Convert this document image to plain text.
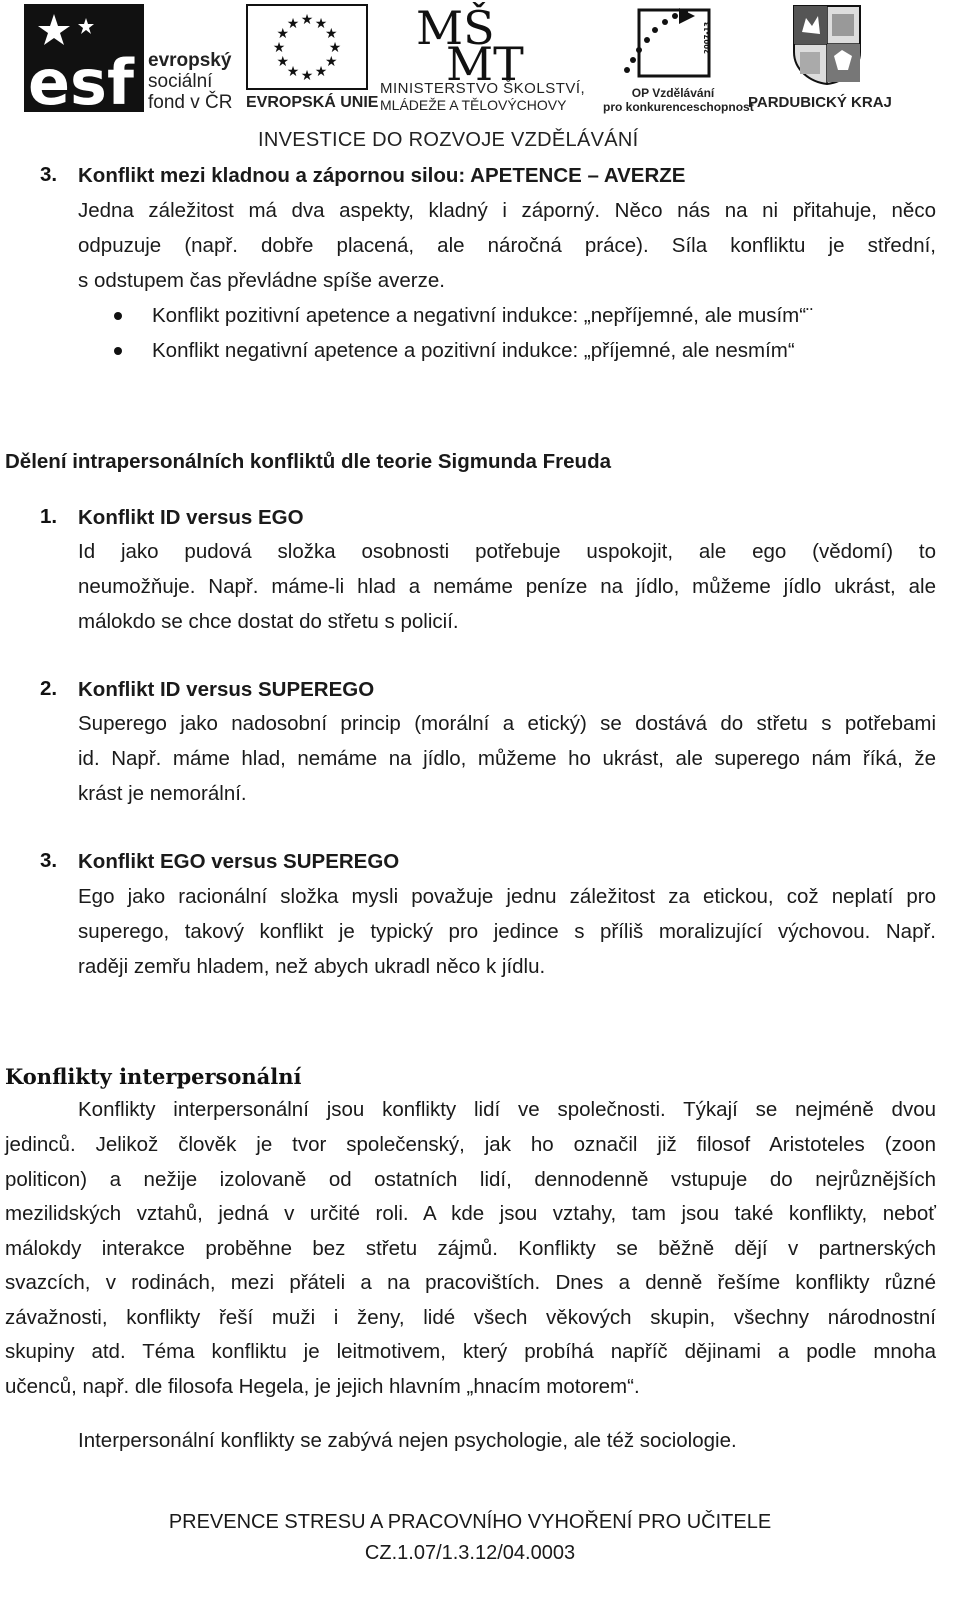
esf evropský
sociální
fond v ČR
★ ★
★
★
★
★
★
★
★
★
★
★
EVROPSKÁ UNIE
MŠ
MT
MINISTERSTVO ŠKOLSTVÍ,
MLÁDEŽE A TĚLOVÝCHOVY
2007-13
OP Vzdělávání
pro konkurenceschopnost
PARDUBICKÝ KRAJ
INVESTICE DO ROZVOJE VZDĚLÁVÁNÍ
3. Konflikt mezi kladnou a zápornou silou: APETENCE – AVERZE
Jedna záležitost má dva aspekty, kladný i záporný. Něco nás na ni přitahuje, něco
odpuzuje (např. dobře placená, ale náročná práce). Síla konfliktu je střední,
s odstupem čas převládne spíše averze.
Konflikt pozitivní apetence a negativní indukce: „nepříjemné, ale musím“¨
Konflikt negativní apetence a pozitivní indukce: „příjemné, ale nesmím“
Dělení intrapersonálních konfliktů dle teorie Sigmunda Freuda
1. Konflikt ID versus EGO
Id jako pudová složka osobnosti potřebuje uspokojit, ale ego (vědomí) to
neumožňuje. Např. máme-li hlad a nemáme peníze na jídlo, můžeme jídlo ukrást, ale
málokdo se chce dostat do střetu s policií.
2. Konflikt ID versus SUPEREGO
Superego jako nadosobní princip (morální a etický) se dostává do střetu s potřebami
id. Např. máme hlad, nemáme na jídlo, můžeme ho ukrást, ale superego nám říká, že
krást je nemorální.
3. Konflikt EGO versus SUPEREGO
Ego jako racionální složka mysli považuje jednu záležitost za etickou, což neplatí pro
superego, takový konflikt je typický pro jedince s příliš moralizující výchovou. Např.
raději zemřu hladem, než abych ukradl něco k jídlu.
Konflikty interpersonální
Konflikty interpersonální jsou konflikty lidí ve společnosti. Týkají se nejméně dvou
jedinců. Jelikož člověk je tvor společenský, jak ho označil již filosof Aristoteles (zoon
politicon) a nežije izolovaně od ostatních lidí, dennodenně vstupuje do nejrůznějších
mezilidských vztahů, jedná v určité roli. A kde jsou vztahy, tam jsou také konflikty, neboť
málokdy interakce proběhne bez střetu zájmů. Konflikty se běžně dějí v partnerských
svazcích, v rodinách, mezi přáteli a na pracovištích. Dnes a denně řešíme konflikty různé
závažnosti, konflikty řeší muži i ženy, lidé všech věkových skupin, všechny národnostní
skupiny atd. Téma konfliktu je leitmotivem, který probíhá napříč dějinami a podle mnoha
učenců, např. dle filosofa Hegela, je jejich hlavním „hnacím motorem“.
Interpersonální konflikty se zabývá nejen psychologie, ale též sociologie.
PREVENCE STRESU A PRACOVNÍHO VYHOŘENÍ PRO UČITELE
CZ.1.07/1.3.12/04.0003
